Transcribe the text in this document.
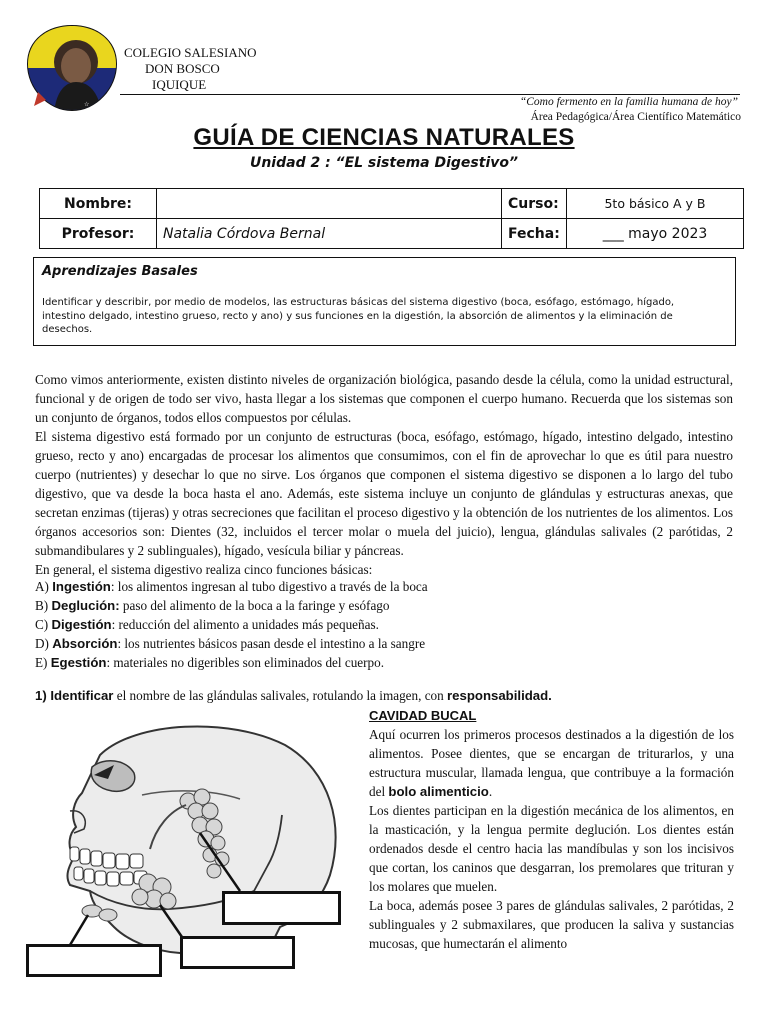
☆
COLEGIO SALESIANO
DON BOSCO
IQUIQUE
“Como fermento en la familia humana de hoy”
Área Pedagógica/Área Científico Matemático
GUÍA DE CIENCIAS NATURALES
Unidad 2 : “EL sistema Digestivo”
Nombre:		Curso:	5to básico A y B
Profesor:	Natalia Córdova Bernal	Fecha:	___ mayo 2023
Aprendizajes Basales
Identificar y describir, por medio de modelos, las estructuras básicas del sistema digestivo (boca, esófago, estómago, hígado, intestino delgado, intestino grueso, recto y ano) y sus funciones en la digestión, la absorción de alimentos y la eliminación de desechos.

Como vimos anteriormente, existen distinto niveles de organización biológica, pasando desde la célula, como la unidad estructural, funcional y de origen de todo ser vivo, hasta llegar a los sistemas que componen el cuerpo humano. Recuerda que los sistemas son un conjunto de órganos, todos ellos compuestos por células.

El sistema digestivo está formado por un conjunto de estructuras (boca, esófago, estómago, hígado, intestino delgado, intestino grueso, recto y ano) encargadas de procesar los alimentos que consumimos, con el fin de aprovechar lo que es útil para nuestro cuerpo (nutrientes) y desechar lo que no sirve. Los órganos que componen el sistema digestivo se disponen a lo largo del tubo digestivo, que va desde la boca hasta el ano. Además, este sistema incluye un conjunto de glándulas y estructuras anexas, que secretan enzimas (tijeras) y otras secreciones que facilitan el proceso digestivo y la obtención de los nutrientes de los alimentos. Los órganos accesorios son: Dientes (32, incluidos el tercer molar o muela del juicio), lengua, glándulas salivales (2 parótidas, 2 submandibulares y 2 sublinguales), hígado, vesícula biliar y páncreas.

En general, el sistema digestivo realiza cinco funciones básicas:

A) Ingestión: los alimentos ingresan al tubo digestivo a través de la boca
B) Deglución: paso del alimento de la boca a la faringe y esófago
C) Digestión: reducción del alimento a unidades más pequeñas.
D) Absorción: los nutrientes básicos pasan desde el intestino a la sangre
E) Egestión: materiales no digeribles son eliminados del cuerpo.
1) Identificar el nombre de las glándulas salivales, rotulando la imagen, con responsabilidad.
CAVIDAD BUCAL

Aquí ocurren los primeros procesos destinados a la digestión de los alimentos. Posee dientes, que se encargan de triturarlos, y una estructura muscular, llamada lengua, que contribuye a la formación del bolo alimenticio.

Los dientes participan en la digestión mecánica de los alimentos, en la masticación, y la lengua permite deglución. Los dientes están ordenados desde el centro hacia las mandíbulas y son los incisivos que cortan, los caninos que desgarran, los premolares que trituran y los molares que muelen.

La boca, además posee 3 pares de glándulas salivales, 2 parótidas, 2 sublinguales y 2 submaxilares, que producen la saliva y sustancias mucosas, que humectarán el alimento
